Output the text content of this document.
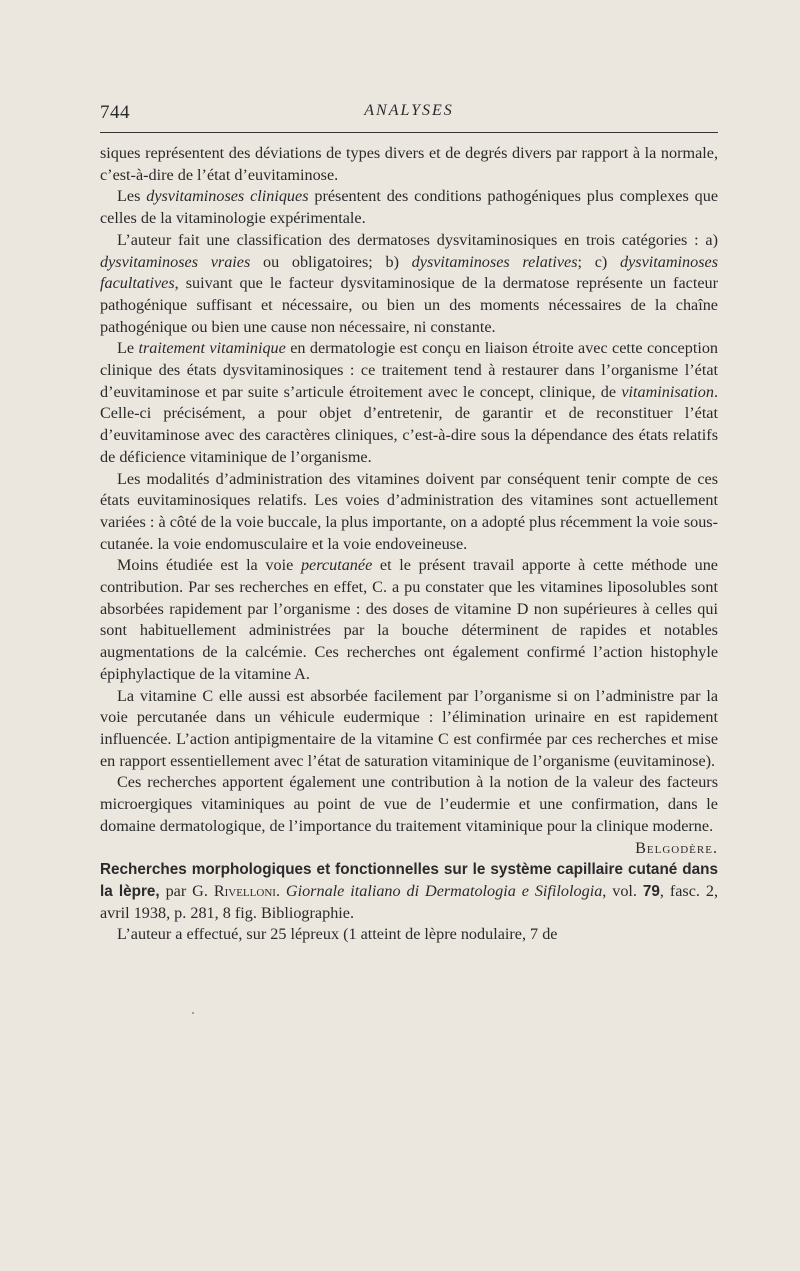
744	ANALYSES

siques représentent des déviations de types divers et de degrés divers par rapport à la normale, c’est-à-dire de l’état d’euvitaminose.

Les dysvitaminoses cliniques présentent des conditions pathogéniques plus complexes que celles de la vitaminologie expérimentale.

L’auteur fait une classification des dermatoses dysvitaminosiques en trois catégories : a) dysvitaminoses vraies ou obligatoires; b) dysvitaminoses relatives; c) dysvitaminoses facultatives, suivant que le facteur dysvitaminosique de la dermatose représente un facteur pathogénique suffisant et nécessaire, ou bien un des moments nécessaires de la chaîne pathogénique ou bien une cause non nécessaire, ni constante.

Le traitement vitaminique en dermatologie est conçu en liaison étroite avec cette conception clinique des états dysvitaminosiques : ce traitement tend à restaurer dans l’organisme l’état d’euvitaminose et par suite s’articule étroitement avec le concept, clinique, de vitaminisation. Celle-ci précisément, a pour objet d’entretenir, de garantir et de reconstituer l’état d’euvitaminose avec des caractères cliniques, c’est-à-dire sous la dépendance des états relatifs de déficience vitaminique de l’organisme.

Les modalités d’administration des vitamines doivent par conséquent tenir compte de ces états euvitaminosiques relatifs. Les voies d’administration des vitamines sont actuellement variées : à côté de la voie buccale, la plus importante, on a adopté plus récemment la voie sous-cutanée. la voie endomusculaire et la voie endoveineuse.

Moins étudiée est la voie percutanée et le présent travail apporte à cette méthode une contribution. Par ses recherches en effet, C. a pu constater que les vitamines liposolubles sont absorbées rapidement par l’organisme : des doses de vitamine D non supérieures à celles qui sont habituellement administrées par la bouche déterminent de rapides et notables augmentations de la calcémie. Ces recherches ont également confirmé l’action histophyle épiphylactique de la vitamine A.

La vitamine C elle aussi est absorbée facilement par l’organisme si on l’administre par la voie percutanée dans un véhicule eudermique : l’élimination urinaire en est rapidement influencée. L’action antipigmentaire de la vitamine C est confirmée par ces recherches et mise en rapport essentiellement avec l’état de saturation vitaminique de l’organisme (euvitaminose).

Ces recherches apportent également une contribution à la notion de la valeur des facteurs microergiques vitaminiques au point de vue de l’eudermie et une confirmation, dans le domaine dermatologique, de l’importance du traitement vitaminique pour la clinique moderne.

Belgodère.

Recherches morphologiques et fonctionnelles sur le système capillaire cutané dans la lèpre, par G. Rivelloni. Giornale italiano di Dermatologia e Sifilologia, vol. 79, fasc. 2, avril 1938, p. 281, 8 fig. Bibliographie.

L’auteur a effectué, sur 25 lépreux (1 atteint de lèpre nodulaire, 7 de
